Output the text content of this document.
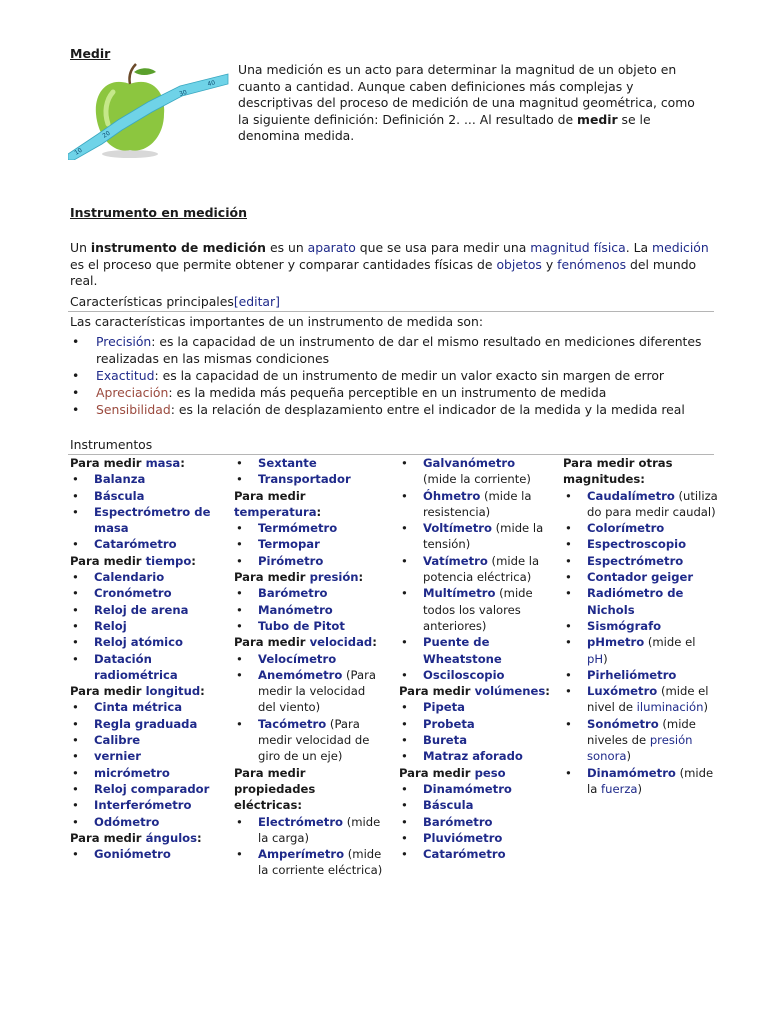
Medir
10
20
30
40
Una medición es un acto para determinar la magnitud de un objeto en cuanto a cantidad. Aunque caben definiciones más complejas y descriptivas del proceso de medición de una magnitud geométrica, como la siguiente definición: Definición 2. ... Al resultado de medir se le denomina medida.
Instrumento en medición
Un instrumento de medición es un aparato que se usa para medir una magnitud física. La medición es el proceso que permite obtener y comparar cantidades físicas de objetos y fenómenos del mundo real.
Características principales[editar]
Las características importantes de un instrumento de medida son:
• Precisión: es la capacidad de un instrumento de dar el mismo resultado en mediciones diferentes realizadas en las mismas condiciones
• Exactitud: es la capacidad de un instrumento de medir un valor exacto sin margen de error
• Apreciación: es la medida más pequeña perceptible en un instrumento de medida
• Sensibilidad: es la relación de desplazamiento entre el indicador de la medida y la medida real
Instrumentos
Para medir masa:
• Balanza
• Báscula
• Espectrómetro de masa
• Catarómetro
Para medir tiempo:
• Calendario
• Cronómetro
• Reloj de arena
• Reloj
• Reloj atómico
• Datación radiométrica
Para medir longitud:
• Cinta métrica
• Regla graduada
• Calibre
• vernier
• micrómetro
• Reloj comparador
• Interferómetro
• Odómetro
Para medir ángulos:
• Goniómetro
• Sextante
• Transportador
Para medir temperatura:
• Termómetro
• Termopar
• Pirómetro
Para medir presión:
• Barómetro
• Manómetro
• Tubo de Pitot
Para medir velocidad:
• Velocímetro
• Anemómetro (Para medir la velocidad del viento)
• Tacómetro (Para medir velocidad de giro de un eje)
Para medir propiedades eléctricas:
• Electrómetro (mide la carga)
• Amperímetro (mide la corriente eléctrica)
• Galvanómetro (mide la corriente)
• Óhmetro (mide la resistencia)
• Voltímetro (mide la tensión)
• Vatímetro (mide la potencia eléctrica)
• Multímetro (mide todos los valores anteriores)
• Puente de Wheatstone
• Osciloscopio
Para medir volúmenes:
• Pipeta
• Probeta
• Bureta
• Matraz aforado
Para medir peso
• Dinamómetro
• Báscula
• Barómetro
• Pluviómetro
• Catarómetro
Para medir otras magnitudes:
• Caudalímetro (utiliza do para medir caudal)
• Colorímetro
• Espectroscopio
• Espectrómetro
• Contador geiger
• Radiómetro de Nichols
• Sismógrafo
• pHmetro (mide el pH)
• Pirheliómetro
• Luxómetro (mide el nivel de iluminación)
• Sonómetro (mide niveles de presión sonora)
• Dinamómetro (mide la fuerza)
